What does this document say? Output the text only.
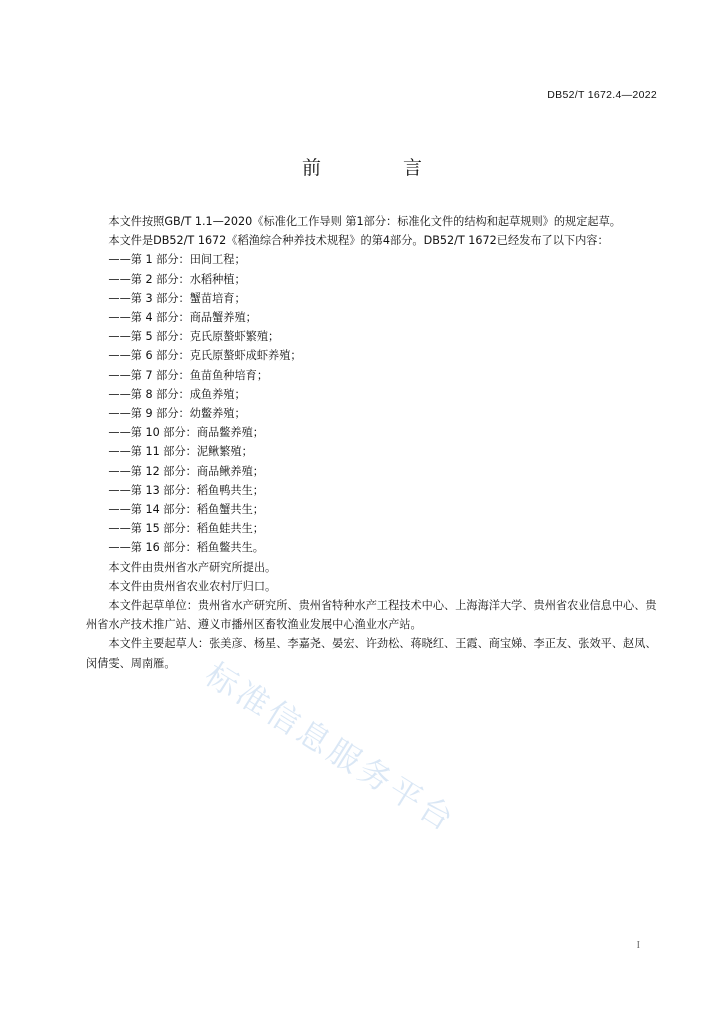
DB52/T 1672.4—2022
前 言

本文件按照GB/T 1.1—2020《标准化工作导则 第1部分：标准化文件的结构和起草规则》的规定起草。

本文件是DB52/T 1672《稻渔综合种养技术规程》的第4部分。DB52/T 1672已经发布了以下内容：

——第 1 部分：田间工程；

——第 2 部分：水稻种植；

——第 3 部分：蟹苗培育；

——第 4 部分：商品蟹养殖；

——第 5 部分：克氏原螯虾繁殖；

——第 6 部分：克氏原螯虾成虾养殖；

——第 7 部分：鱼苗鱼种培育；

——第 8 部分：成鱼养殖；

——第 9 部分：幼鳖养殖；

——第 10 部分：商品鳖养殖；

——第 11 部分：泥鳅繁殖；

——第 12 部分：商品鳅养殖；

——第 13 部分：稻鱼鸭共生；

——第 14 部分：稻鱼蟹共生；

——第 15 部分：稻鱼蛙共生；

——第 16 部分：稻鱼鳖共生。

本文件由贵州省水产研究所提出。

本文件由贵州省农业农村厅归口。

本文件起草单位：贵州省水产研究所、贵州省特种水产工程技术中心、上海海洋大学、贵州省农业信息中心、贵州省水产技术推广站、遵义市播州区畜牧渔业发展中心渔业水产站。

本文件主要起草人：张美彦、杨星、李嘉尧、晏宏、许劲松、蒋晓红、王霞、商宝娣、李正友、张效平、赵凤、闵倩雯、周南雁。 标准信息服务平台
I
